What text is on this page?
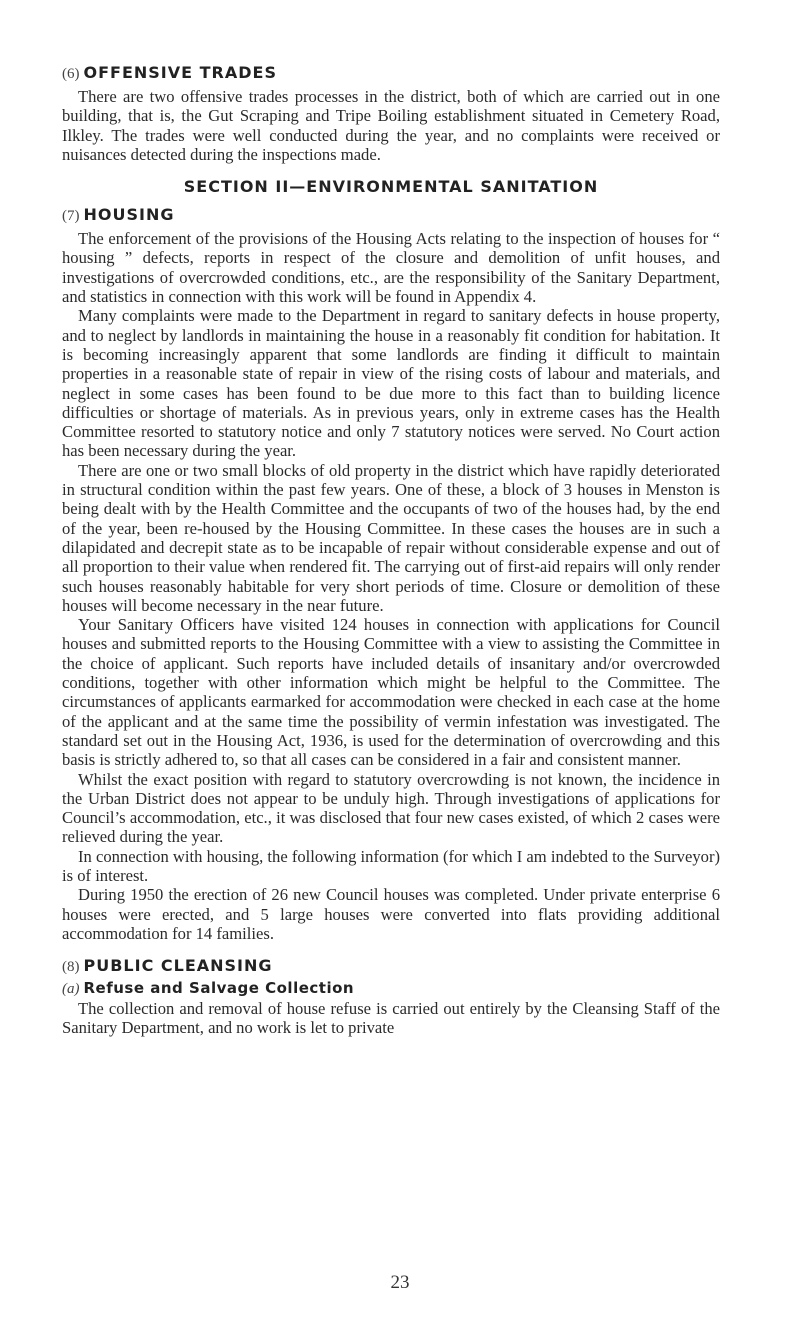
(6) OFFENSIVE TRADES

There are two offensive trades processes in the district, both of which are carried out in one building, that is, the Gut Scraping and Tripe Boiling establishment situated in Cemetery Road, Ilkley. The trades were well conducted during the year, and no complaints were received or nuisances detected during the inspections made.

SECTION II—ENVIRONMENTAL SANITATION
(7) HOUSING

The enforcement of the provisions of the Housing Acts relating to the inspection of houses for “ housing ” defects, reports in respect of the closure and demolition of unfit houses, and investigations of overcrowded conditions, etc., are the responsibility of the Sanitary Department, and statistics in connection with this work will be found in Appendix 4.

Many complaints were made to the Department in regard to sanitary defects in house property, and to neglect by landlords in maintaining the house in a reasonably fit condition for habitation. It is becoming increasingly apparent that some landlords are finding it difficult to maintain properties in a reasonable state of repair in view of the rising costs of labour and materials, and neglect in some cases has been found to be due more to this fact than to building licence difficulties or shortage of materials. As in previous years, only in extreme cases has the Health Committee resorted to statutory notice and only 7 statutory notices were served. No Court action has been necessary during the year.

There are one or two small blocks of old property in the district which have rapidly deteriorated in structural condition within the past few years. One of these, a block of 3 houses in Menston is being dealt with by the Health Committee and the occupants of two of the houses had, by the end of the year, been re-housed by the Housing Committee. In these cases the houses are in such a dilapidated and decrepit state as to be incapable of repair without considerable expense and out of all proportion to their value when rendered fit. The carrying out of first-aid repairs will only render such houses reasonably habitable for very short periods of time. Closure or demolition of these houses will become necessary in the near future.

Your Sanitary Officers have visited 124 houses in connection with applications for Council houses and submitted reports to the Housing Committee with a view to assisting the Committee in the choice of applicant. Such reports have included details of insanitary and/or overcrowded conditions, together with other information which might be helpful to the Committee. The circumstances of applicants earmarked for accommodation were checked in each case at the home of the applicant and at the same time the possibility of vermin infestation was investigated. The standard set out in the Housing Act, 1936, is used for the determination of overcrowding and this basis is strictly adhered to, so that all cases can be considered in a fair and consistent manner.

Whilst the exact position with regard to statutory overcrowding is not known, the incidence in the Urban District does not appear to be unduly high. Through investigations of applications for Council’s accommodation, etc., it was disclosed that four new cases existed, of which 2 cases were relieved during the year.

In connection with housing, the following information (for which I am indebted to the Surveyor) is of interest.

During 1950 the erection of 26 new Council houses was completed. Under private enterprise 6 houses were erected, and 5 large houses were converted into flats providing additional accommodation for 14 families.

(8) PUBLIC CLEANSING
(a) Refuse and Salvage Collection

The collection and removal of house refuse is carried out entirely by the Cleansing Staff of the Sanitary Department, and no work is let to private

23
